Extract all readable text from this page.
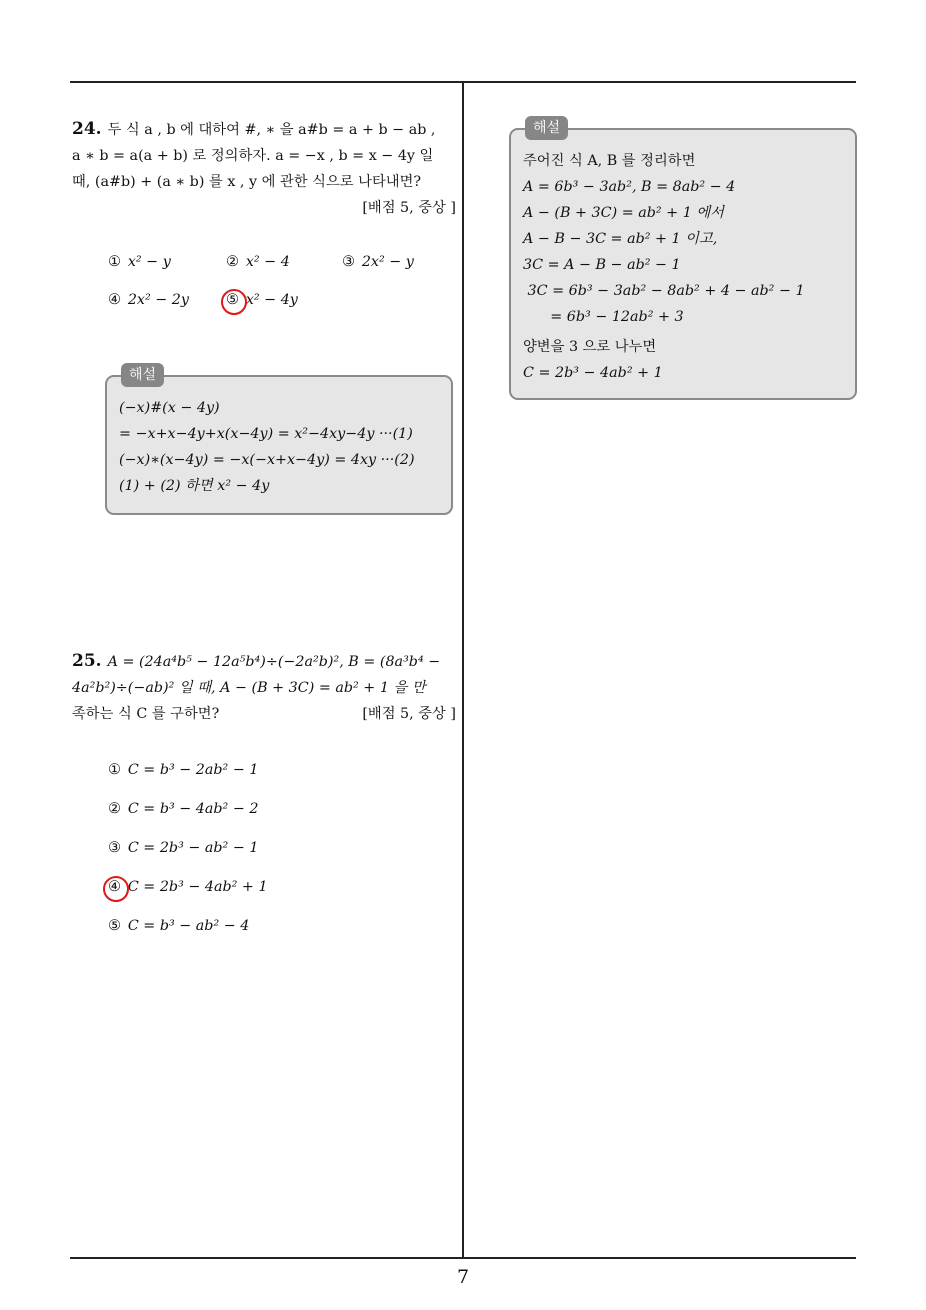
24. 두 식 a , b 에 대하여 #, ∗ 을 a#b = a + b − ab ,

a ∗ b = a(a + b) 로 정의하자. a = −x , b = x − 4y 일

때, (a#b) + (a ∗ b) 를 x , y 에 관한 식으로 나타내면?

[배점 5, 중상 ]
① x² − y	② x² − 4	③ 2x² − y
④ 2x² − 2y	⑤ x² − 4y
해설
(−x)#(x − 4y)
= −x+x−4y+x(x−4y) = x²−4xy−4y ···(1)
(−x)∗(x−4y) = −x(−x+x−4y) = 4xy ···(2)
(1) + (2) 하면 x² − 4y

25. A = (24a⁴b⁵ − 12a⁵b⁴)÷(−2a²b)², B = (8a³b⁴ −

4a²b²)÷(−ab)² 일 때, A − (B + 3C) = ab² + 1 을 만

족하는 식 C 를 구하면?	[배점 5, 중상 ]

① C = b³ − 2ab² − 1
② C = b³ − 4ab² − 2
③ C = 2b³ − ab² − 1
④ C = 2b³ − 4ab² + 1
⑤ C = b³ − ab² − 4
해설
주어진 식 A, B 를 정리하면
A = 6b³ − 3ab², B = 8ab² − 4
A − (B + 3C) = ab² + 1 에서
A − B − 3C = ab² + 1 이고,
3C = A − B − ab² − 1
3C = 6b³ − 3ab² − 8ab² + 4 − ab² − 1
= 6b³ − 12ab² + 3
양변을 3 으로 나누면
C = 2b³ − 4ab² + 1
7
